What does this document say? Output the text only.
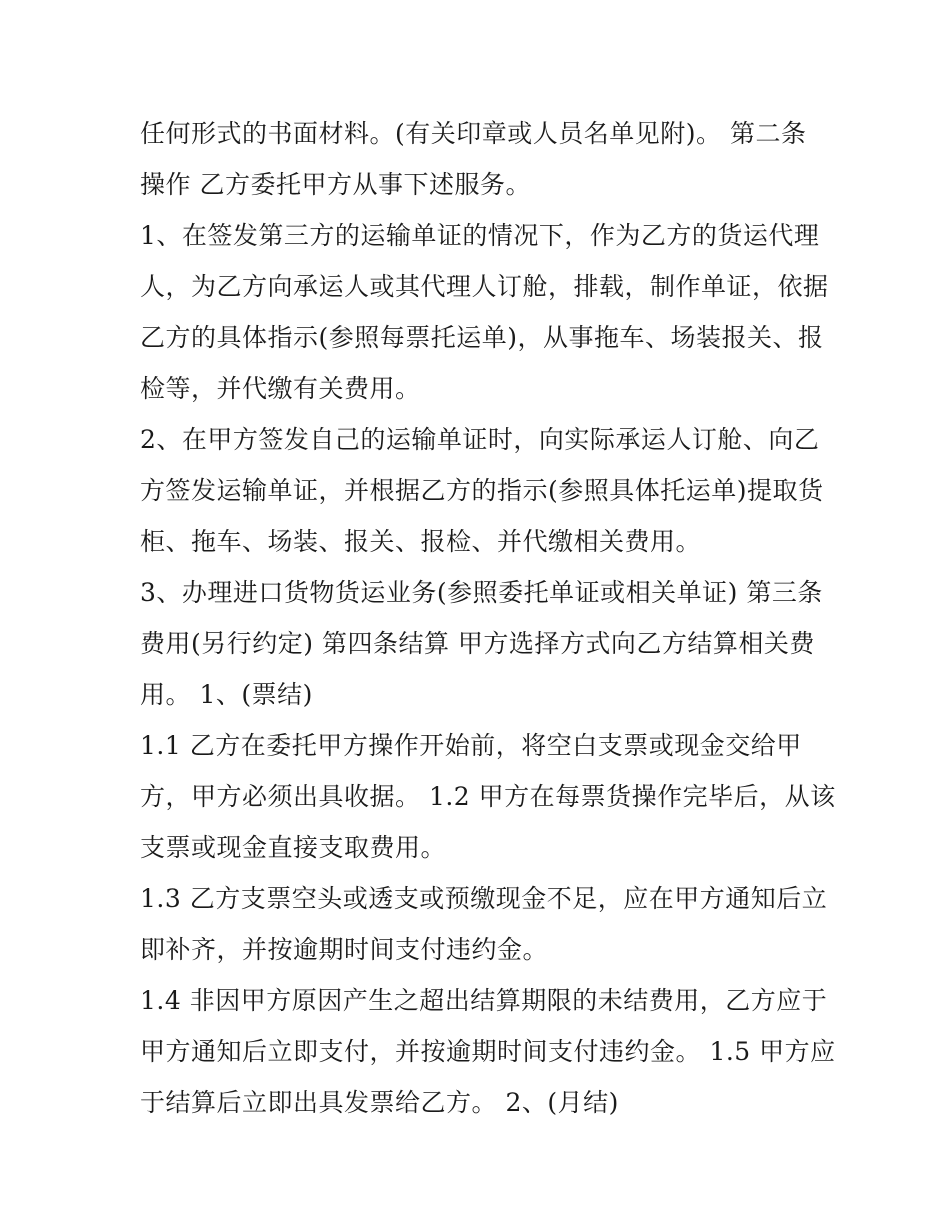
任何形式的书面材料。(有关印章或人员名单见附)。 第二条
操作 乙方委托甲方从事下述服务。
1、在签发第三方的运输单证的情况下，作为乙方的货运代理
人，为乙方向承运人或其代理人订舱，排载，制作单证，依据
乙方的具体指示(参照每票托运单)，从事拖车、场装报关、报
检等，并代缴有关费用。
2、在甲方签发自己的运输单证时，向实际承运人订舱、向乙
方签发运输单证，并根据乙方的指示(参照具体托运单)提取货
柜、拖车、场装、报关、报检、并代缴相关费用。
3、办理进口货物货运业务(参照委托单证或相关单证) 第三条
费用(另行约定) 第四条结算 甲方选择方式向乙方结算相关费
用。 1、(票结)
1.1 乙方在委托甲方操作开始前，将空白支票或现金交给甲
方，甲方必须出具收据。 1.2 甲方在每票货操作完毕后，从该
支票或现金直接支取费用。
1.3 乙方支票空头或透支或预缴现金不足，应在甲方通知后立
即补齐，并按逾期时间支付违约金。
1.4 非因甲方原因产生之超出结算期限的未结费用，乙方应于
甲方通知后立即支付，并按逾期时间支付违约金。 1.5 甲方应
于结算后立即出具发票给乙方。 2、(月结)
